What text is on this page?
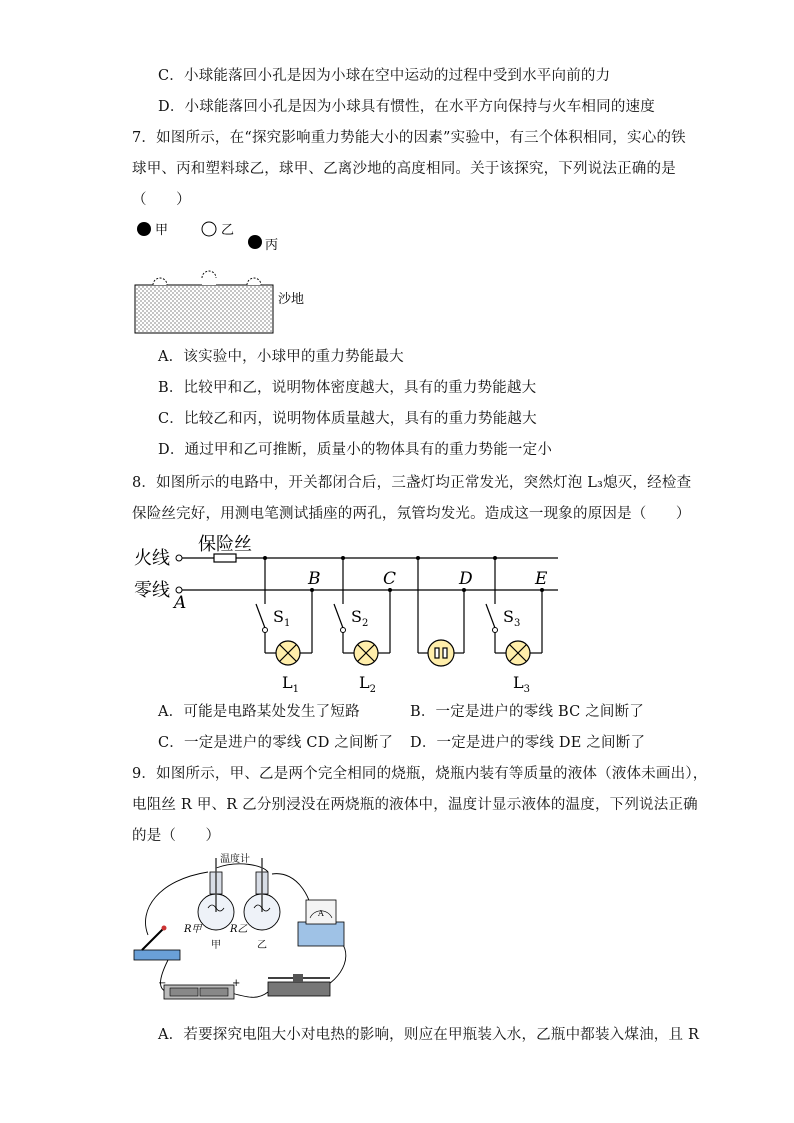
C．小球能落回小孔是因为小球在空中运动的过程中受到水平向前的力
D．小球能落回小孔是因为小球具有惯性，在水平方向保持与火车相同的速度
7．如图所示，在“探究影响重力势能大小的因素”实验中，有三个体积相同，实心的铁
球甲、丙和塑料球乙，球甲、乙离沙地的高度相同。关于该探究，下列说法正确的是
（　　）
甲	乙
丙
沙地
A．该实验中，小球甲的重力势能最大
B．比较甲和乙，说明物体密度越大，具有的重力势能越大
C．比较乙和丙，说明物体质量越大，具有的重力势能越大
D．通过甲和乙可推断，质量小的物体具有的重力势能一定小
8．如图所示的电路中，开关都闭合后，三盏灯均正常发光，突然灯泡 L₃熄灭，经检查
保险丝完好，用测电笔测试插座的两孔，氖管均发光。造成这一现象的原因是（　　）
火线
零线
保险丝
A
B	C	D	E
$S_1$	$S_2$	$S_3$
$L_1$	$L_2$	$L_3$
A．可能是电路某处发生了短路	B．一定是进户的零线 BC 之间断了
C．一定是进户的零线 CD 之间断了 D．一定是进户的零线 DE 之间断了
9．如图所示，甲、乙是两个完全相同的烧瓶，烧瓶内装有等质量的液体（液体未画出），
电阻丝 R 甲、R 乙分别浸没在两烧瓶的液体中，温度计显示液体的温度，下列说法正确
的是（　　）
A
温度计
甲	乙
R甲	R乙
−	+
A．若要探究电阻大小对电热的影响，则应在甲瓶装入水，乙瓶中都装入煤油，且 R
